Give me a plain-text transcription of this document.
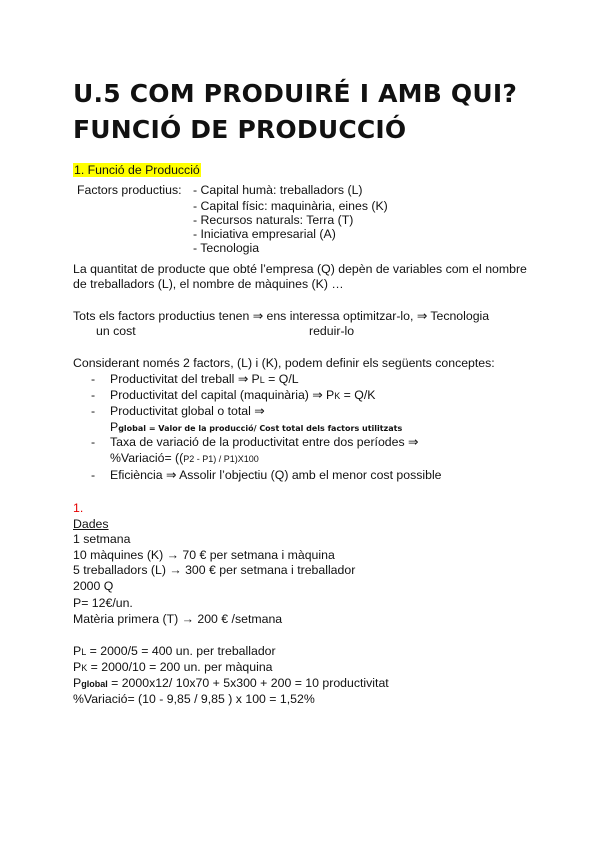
U.5 COM PRODUIRÉ I AMB QUI?
FUNCIÓ DE PRODUCCIÓ
1. Funció de Producció
Factors productius: - Capital humà: treballadors (L)
- Capital físic: maquinària, eines (K)
- Recursos naturals: Terra (T)
- Iniciativa empresarial (A)
- Tecnologia
La quantitat de producte que obté l’empresa (Q) depèn de variables com el nombre
de treballadors (L), el nombre de màquines (K) …
Tots els factors productius tenen ⇒ ens interessa optimitzar-lo, ⇒ Tecnologia
un cost	reduir-lo
Considerant només 2 factors, (L) i (K), podem definir els següents conceptes:
- Productivitat del treball ⇒ PL = Q/L
- Productivitat del capital (maquinària) ⇒ PK = Q/K
- Productivitat global o total ⇒
Pglobal = Valor de la producció/ Cost total dels factors utilitzats
- Taxa de variació de la productivitat entre dos períodes ⇒
%Variació= ((P2 - P1) / P1)X100
- Eficiència ⇒ Assolir l’objectiu (Q) amb el menor cost possible
1.
Dades
1 setmana
10 màquines (K) → 70 € per setmana i màquina
5 treballadors (L) → 300 € per setmana i treballador
2000 Q
P= 12€/un.
Matèria primera (T) → 200 € /setmana
PL = 2000/5 = 400 un. per treballador
PK = 2000/10 = 200 un. per màquina
Pglobal = 2000x12/ 10x70 + 5x300 + 200 = 10 productivitat
%Variació= (10 - 9,85 / 9,85 ) x 100 = 1,52%
